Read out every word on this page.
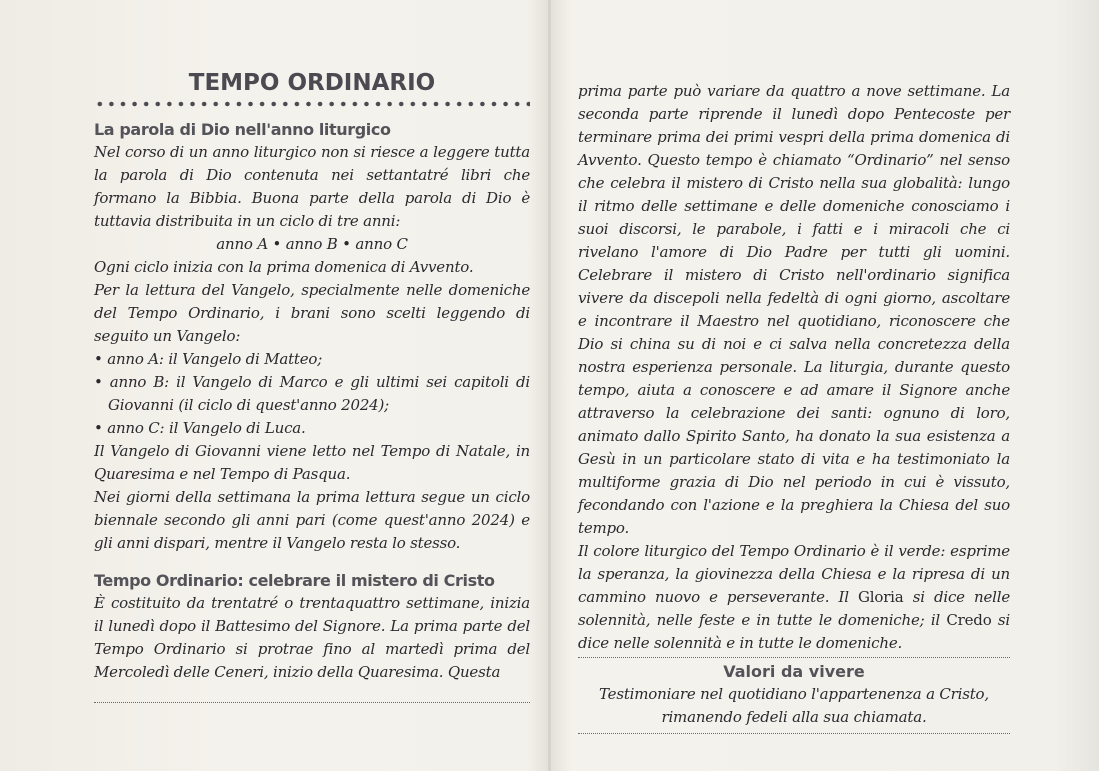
TEMPO ORDINARIO
La parola di Dio nell'anno liturgico

Nel corso di un anno liturgico non si riesce a leggere tutta la parola di Dio contenuta nei settantatré libri che formano la Bibbia. Buona parte della parola di Dio è tuttavia distribuita in un ciclo di tre anni:

anno A • anno B • anno C

Ogni ciclo inizia con la prima domenica di Avvento.

Per la lettura del Vangelo, specialmente nelle domeniche del Tempo Ordinario, i brani sono scelti leggendo di seguito un Vangelo:

• anno A: il Vangelo di Matteo;

• anno B: il Vangelo di Marco e gli ultimi sei capitoli di Giovanni (il ciclo di quest'anno 2024);

• anno C: il Vangelo di Luca.

Il Vangelo di Giovanni viene letto nel Tempo di Natale, in Quaresima e nel Tempo di Pasqua.

Nei giorni della settimana la prima lettura segue un ciclo biennale secondo gli anni pari (come quest'anno 2024) e gli anni dispari, mentre il Vangelo resta lo stesso.

Tempo Ordinario: celebrare il mistero di Cristo

È costituito da trentatré o trentaquattro settimane, inizia il lunedì dopo il Battesimo del Signore. La prima parte del Tempo Ordinario si protrae fino al martedì prima del Mercoledì delle Ceneri, inizio della Quaresima. Questa

prima parte può variare da quattro a nove settimane. La seconda parte riprende il lunedì dopo Pentecoste per terminare prima dei primi vespri della prima domenica di Avvento. Questo tempo è chiamato “Ordinario” nel senso che celebra il mistero di Cristo nella sua globalità: lungo il ritmo delle settimane e delle domeniche conosciamo i suoi discorsi, le parabole, i fatti e i miracoli che ci rivelano l'amore di Dio Padre per tutti gli uomini. Celebrare il mistero di Cristo nell'ordinario significa vivere da discepoli nella fedeltà di ogni giorno, ascoltare e incontrare il Maestro nel quotidiano, riconoscere che Dio si china su di noi e ci salva nella concretezza della nostra esperienza personale. La liturgia, durante questo tempo, aiuta a conoscere e ad amare il Signore anche attraverso la celebrazione dei santi: ognuno di loro, animato dallo Spirito Santo, ha donato la sua esistenza a Gesù in un particolare stato di vita e ha testimoniato la multiforme grazia di Dio nel periodo in cui è vissuto, fecondando con l'azione e la preghiera la Chiesa del suo tempo.

Il colore liturgico del Tempo Ordinario è il verde: esprime la speranza, la giovinezza della Chiesa e la ripresa di un cammino nuovo e perseverante. Il Gloria si dice nelle solennità, nelle feste e in tutte le domeniche; il Credo si dice nelle solennità e in tutte le domeniche.

Valori da vivere

Testimoniare nel quotidiano l'appartenenza a Cristo,

rimanendo fedeli alla sua chiamata.
